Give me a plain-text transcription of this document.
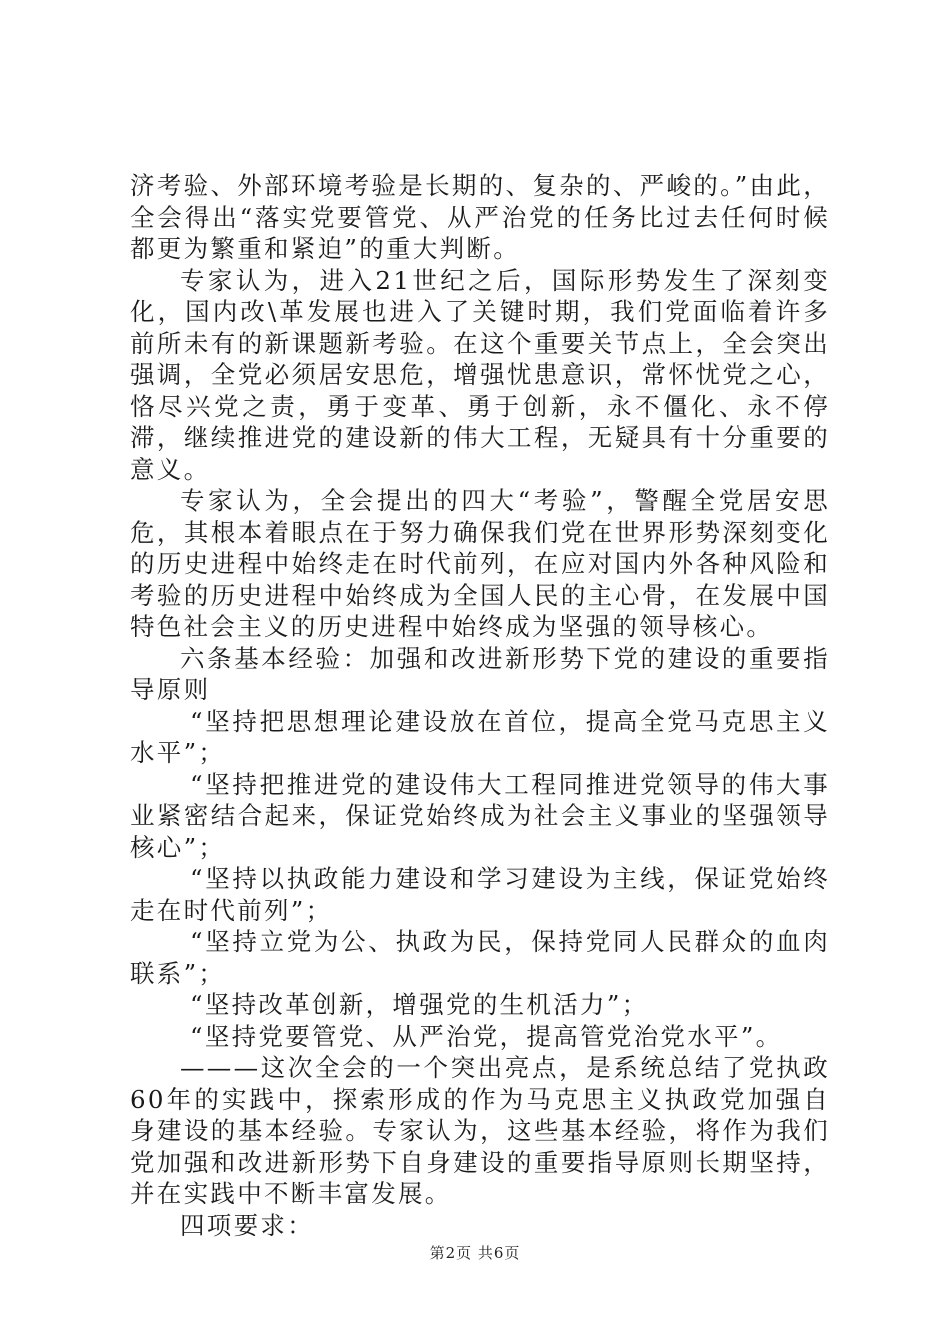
济考验、外部环境考验是长期的、复杂的、严峻的。”由此，全会得出“落实党要管党、从严治党的任务比过去任何时候都更为繁重和紧迫”的重大判断。

专家认为，进入21世纪之后，国际形势发生了深刻变化，国内改\革发展也进入了关键时期，我们党面临着许多前所未有的新课题新考验。在这个重要关节点上，全会突出强调，全党必须居安思危，增强忧患意识，常怀忧党之心，恪尽兴党之责，勇于变革、勇于创新，永不僵化、永不停滞，继续推进党的建设新的伟大工程，无疑具有十分重要的意义。

专家认为，全会提出的四大“考验”，警醒全党居安思危，其根本着眼点在于努力确保我们党在世界形势深刻变化的历史进程中始终走在时代前列，在应对国内外各种风险和考验的历史进程中始终成为全国人民的主心骨，在发展中国特色社会主义的历史进程中始终成为坚强的领导核心。

六条基本经验：加强和改进新形势下党的建设的重要指导原则

“坚持把思想理论建设放在首位，提高全党马克思主义水平”；

“坚持把推进党的建设伟大工程同推进党领导的伟大事业紧密结合起来，保证党始终成为社会主义事业的坚强领导核心”；

“坚持以执政能力建设和学习建设为主线，保证党始终走在时代前列”；

“坚持立党为公、执政为民，保持党同人民群众的血肉联系”；

“坚持改革创新，增强党的生机活力”；

“坚持党要管党、从严治党，提高管党治党水平”。

———这次全会的一个突出亮点，是系统总结了党执政60年的实践中，探索形成的作为马克思主义执政党加强自身建设的基本经验。专家认为，这些基本经验，将作为我们党加强和改进新形势下自身建设的重要指导原则长期坚持，并在实践中不断丰富发展。

四项要求：

第2页 共6页
